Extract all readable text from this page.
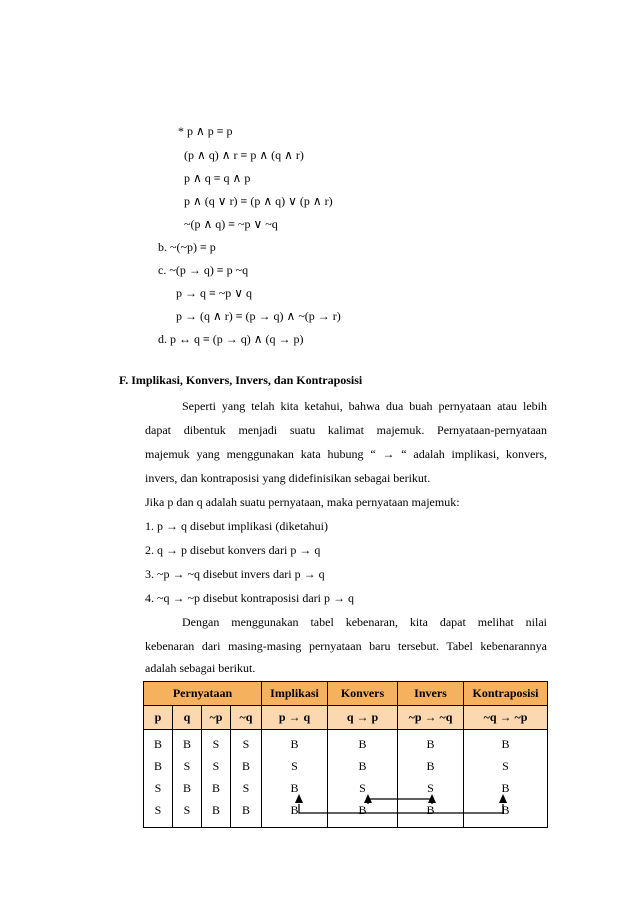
* p ∧ p ≡ p
(p ∧ q) ∧ r ≡ p ∧ (q ∧ r)
p ∧ q ≡ q ∧ p
p ∧ (q ∨ r) ≡ (p ∧ q) ∨ (p ∧ r)
~(p ∧ q) ≡ ~p ∨ ~q
b. ~(~p) ≡ p
c. ~(p → q) ≡ p ~q
p → q ≡ ~p ∨ q
p → (q ∧ r) ≡ (p → q) ∧ ~(p → r)
d. p ↔ q ≡ (p → q) ∧ (q → p)
F. Implikasi, Konvers, Invers, dan Kontraposisi
Seperti yang telah kita ketahui, bahwa dua buah pernyataan atau lebih
dapat dibentuk menjadi suatu kalimat majemuk. Pernyataan-pernyataan
majemuk yang menggunakan kata hubung “ → “ adalah implikasi, konvers,
invers, dan kontraposisi yang didefinisikan sebagai berikut.
Jika p dan q adalah suatu pernyataan, maka pernyataan majemuk:
1. p → q disebut implikasi (diketahui)
2. q → p disebut konvers dari p → q
3. ~p → ~q disebut invers dari p → q
4. ~q → ~p disebut kontraposisi dari p → q
Dengan menggunakan tabel kebenaran, kita dapat melihat nilai
kebenaran dari masing-masing pernyataan baru tersebut. Tabel kebenarannya
adalah sebagai berikut.
Pernyataan				Implikasi	Konvers	Invers	Kontraposisi
p	q	~p	~q	p → q	q → p	~p → ~q	~q → ~p
B	B	S	S	B	B	B	B
B	S	S	B	S	B	B	S
S	B	B	S	B	S	S	B
S	S	B	B	B	B	B	B
